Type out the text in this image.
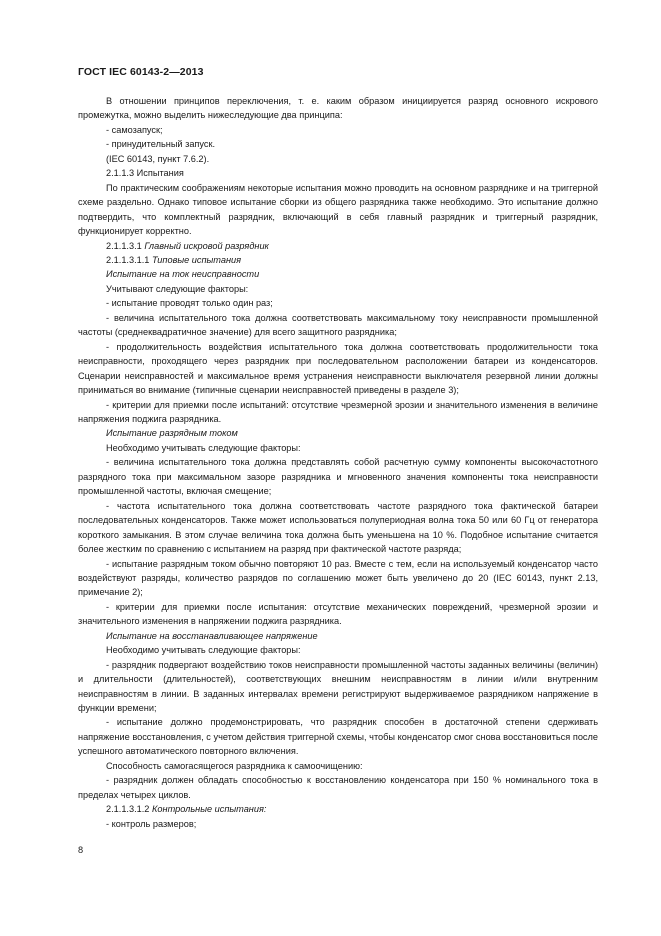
ГОСТ IEC 60143-2—2013

В отношении принципов переключения, т. е. каким образом инициируется разряд основного искрового промежутка, можно выделить нижеследующие два принципа:

- самозапуск;

- принудительный запуск.

(IEC 60143, пункт 7.6.2).

2.1.1.3 Испытания

По практическим соображениям некоторые испытания можно проводить на основном разряднике и на триггерной схеме раздельно. Однако типовое испытание сборки из общего разрядника также необходимо. Это испытание должно подтвердить, что комплектный разрядник, включающий в себя главный разрядник и триггерный разрядник, функционирует корректно.

2.1.1.3.1 Главный искровой разрядник

2.1.1.3.1.1 Типовые испытания

Испытание на ток неисправности

Учитывают следующие факторы:

- испытание проводят только один раз;

- величина испытательного тока должна соответствовать максимальному току неисправности промышленной частоты (среднеквадратичное значение) для всего защитного разрядника;

- продолжительность воздействия испытательного тока должна соответствовать продолжительности тока неисправности, проходящего через разрядник при последовательном расположении батареи из конденсаторов. Сценарии неисправностей и максимальное время устранения неисправности выключателя резервной линии должны приниматься во внимание (типичные сценарии неисправностей приведены в разделе 3);

- критерии для приемки после испытаний: отсутствие чрезмерной эрозии и значительного изменения в величине напряжения поджига разрядника.

Испытание разрядным током

Необходимо учитывать следующие факторы:

- величина испытательного тока должна представлять собой расчетную сумму компоненты высокочастотного разрядного тока при максимальном зазоре разрядника и мгновенного значения компоненты тока неисправности промышленной частоты, включая смещение;

- частота испытательного тока должна соответствовать частоте разрядного тока фактической батареи последовательных конденсаторов. Также может использоваться полупериодная волна тока 50 или 60 Гц от генератора короткого замыкания. В этом случае величина тока должна быть уменьшена на 10 %. Подобное испытание считается более жестким по сравнению с испытанием на разряд при фактической частоте разряда;

- испытание разрядным током обычно повторяют 10 раз. Вместе с тем, если на используемый конденсатор часто воздействуют разряды, количество разрядов по соглашению может быть увеличено до 20 (IEC 60143, пункт 2.13, примечание 2);

- критерии для приемки после испытания: отсутствие механических повреждений, чрезмерной эрозии и значительного изменения в напряжении поджига разрядника.

Испытание на восстанавливающее напряжение

Необходимо учитывать следующие факторы:

- разрядник подвергают воздействию токов неисправности промышленной частоты заданных величины (величин) и длительности (длительностей), соответствующих внешним неисправностям в линии и/или внутренним неисправностям в линии. В заданных интервалах времени регистрируют выдерживаемое разрядником напряжение в функции времени;

- испытание должно продемонстрировать, что разрядник способен в достаточной степени сдерживать напряжение восстановления, с учетом действия триггерной схемы, чтобы конденсатор смог снова восстановиться после успешного автоматического повторного включения.

Способность самогасящегося разрядника к самоочищению:

- разрядник должен обладать способностью к восстановлению конденсатора при 150 % номинального тока в пределах четырех циклов.

2.1.1.3.1.2 Контрольные испытания:

- контроль размеров;

8
